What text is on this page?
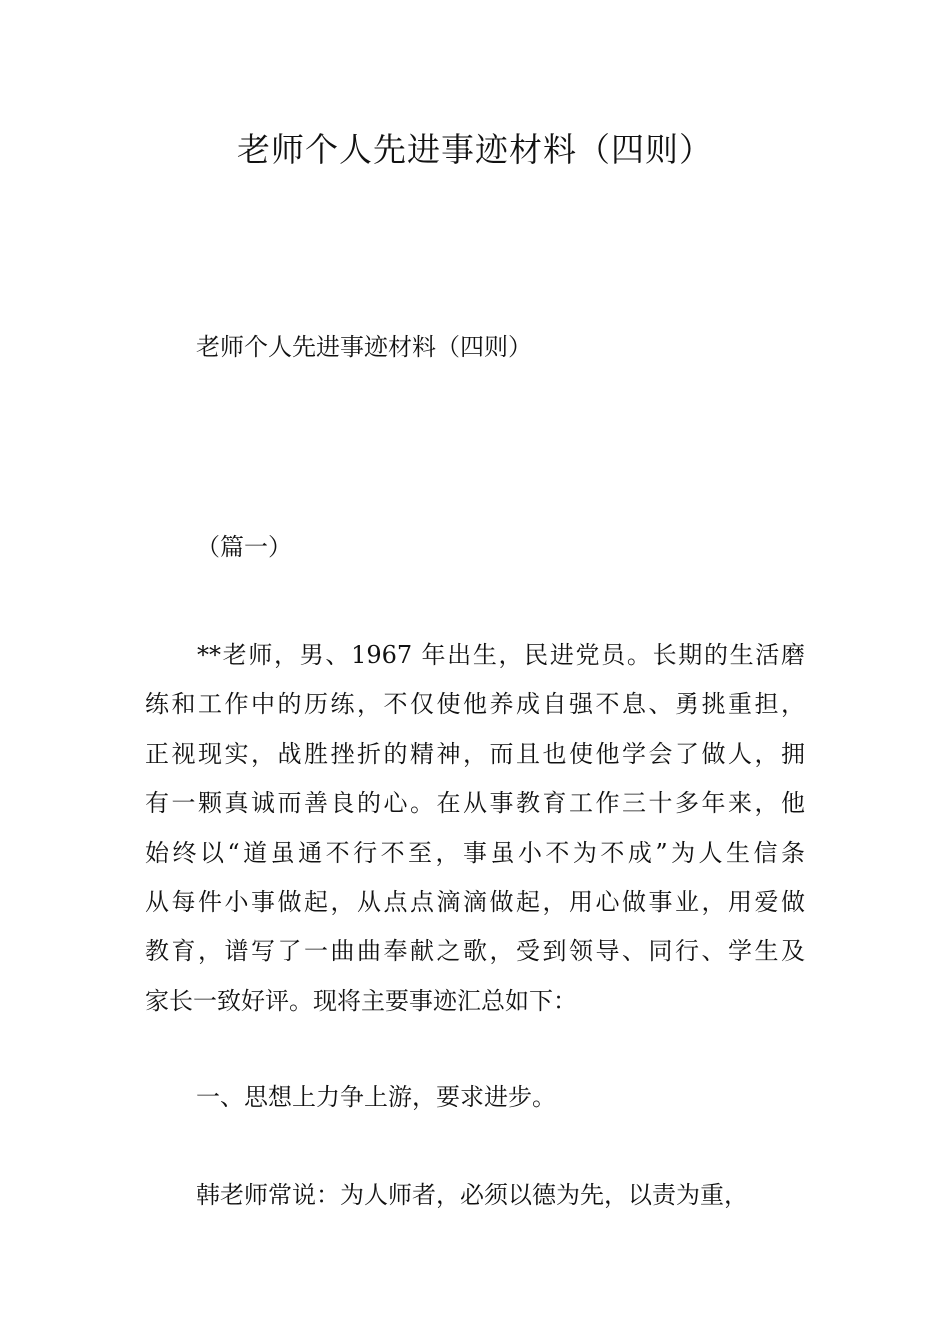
老师个人先进事迹材料（四则）

老师个人先进事迹材料（四则）

（篇一）

**老师，男、1967 年出生，民进党员。长期的生活磨
练和工作中的历练，不仅使他养成自强不息、勇挑重担，
正视现实，战胜挫折的精神，而且也使他学会了做人，拥
有一颗真诚而善良的心。在从事教育工作三十多年来，他
始终以“道虽通不行不至，事虽小不为不成”为人生信条
从每件小事做起，从点点滴滴做起，用心做事业，用爱做
教育，谱写了一曲曲奉献之歌，受到领导、同行、学生及
家长一致好评。现将主要事迹汇总如下：

一、思想上力争上游，要求进步。

韩老师常说：为人师者，必须以德为先，以责为重，
